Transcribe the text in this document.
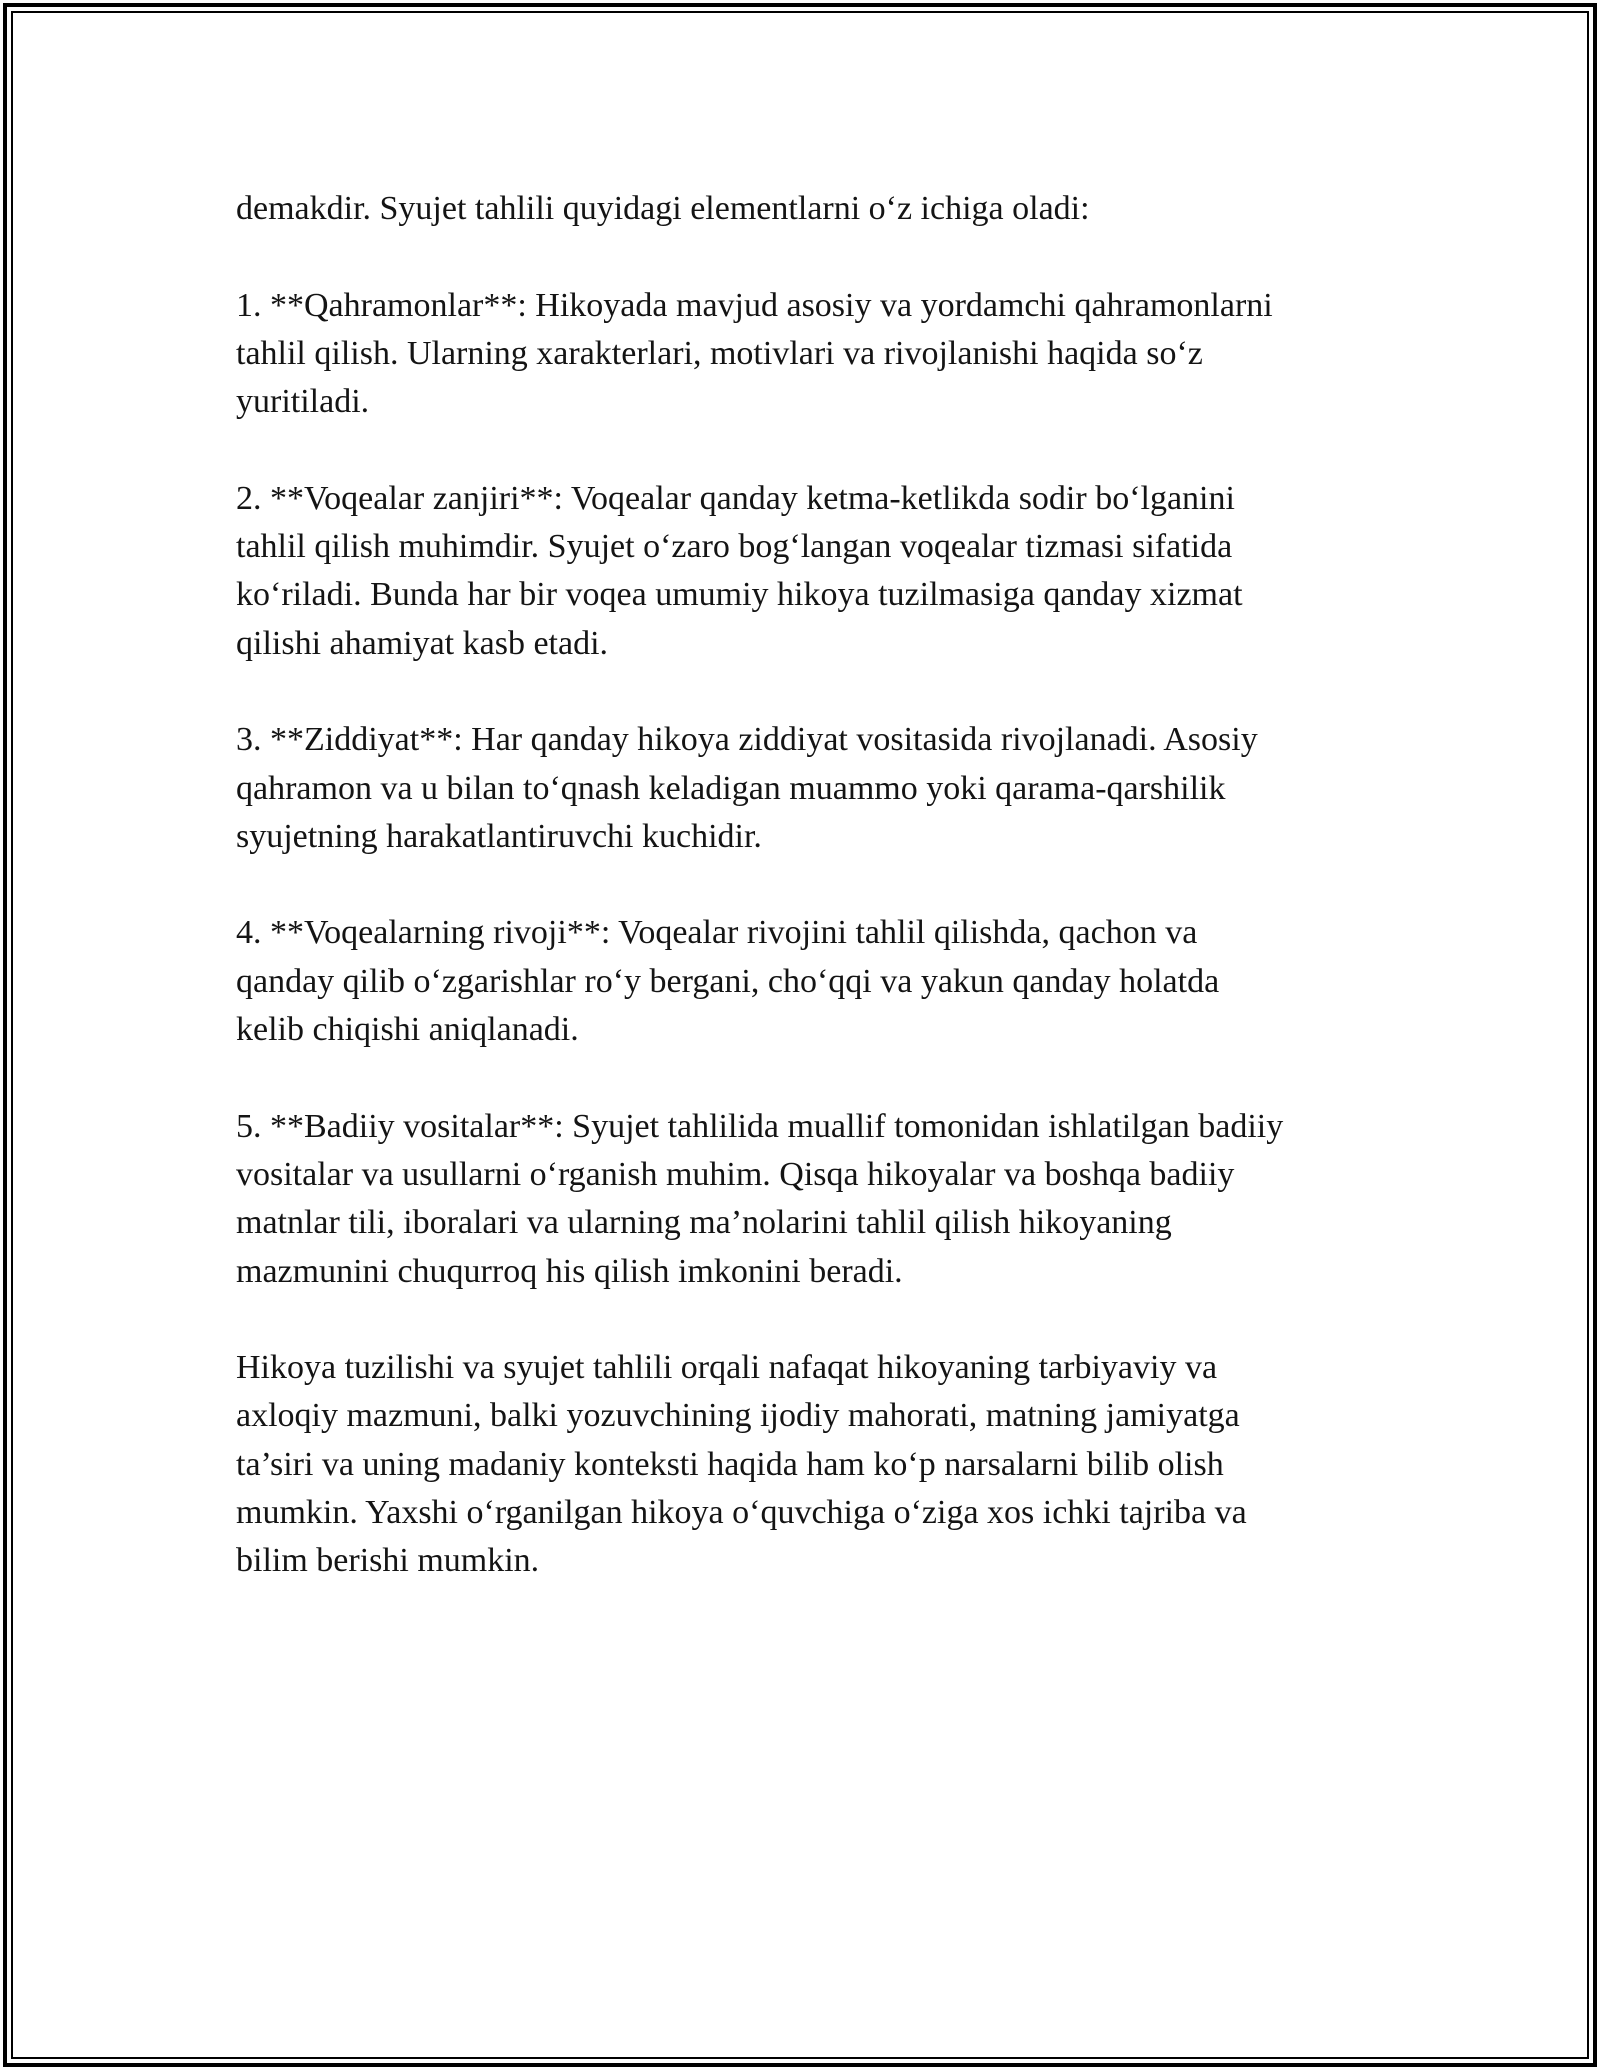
demakdir. Syujet tahlili quyidagi elementlarni o‘z ichiga oladi:

1. **Qahramonlar**: Hikoyada mavjud asosiy va yordamchi qahramonlarni
tahlil qilish. Ularning xarakterlari, motivlari va rivojlanishi haqida so‘z
yuritiladi.

2. **Voqealar zanjiri**: Voqealar qanday ketma-ketlikda sodir bo‘lganini
tahlil qilish muhimdir. Syujet o‘zaro bog‘langan voqealar tizmasi sifatida
ko‘riladi. Bunda har bir voqea umumiy hikoya tuzilmasiga qanday xizmat
qilishi ahamiyat kasb etadi.

3. **Ziddiyat**: Har qanday hikoya ziddiyat vositasida rivojlanadi. Asosiy
qahramon va u bilan to‘qnash keladigan muammo yoki qarama-qarshilik
syujetning harakatlantiruvchi kuchidir.

4. **Voqealarning rivoji**: Voqealar rivojini tahlil qilishda, qachon va
qanday qilib o‘zgarishlar ro‘y bergani, cho‘qqi va yakun qanday holatda
kelib chiqishi aniqlanadi.

5. **Badiiy vositalar**: Syujet tahlilida muallif tomonidan ishlatilgan badiiy
vositalar va usullarni o‘rganish muhim. Qisqa hikoyalar va boshqa badiiy
matnlar tili, iboralari va ularning ma’nolarini tahlil qilish hikoyaning
mazmunini chuqurroq his qilish imkonini beradi.

Hikoya tuzilishi va syujet tahlili orqali nafaqat hikoyaning tarbiyaviy va
axloqiy mazmuni, balki yozuvchining ijodiy mahorati, matning jamiyatga
ta’siri va uning madaniy konteksti haqida ham ko‘p narsalarni bilib olish
mumkin. Yaxshi o‘rganilgan hikoya o‘quvchiga o‘ziga xos ichki tajriba va
bilim berishi mumkin.
